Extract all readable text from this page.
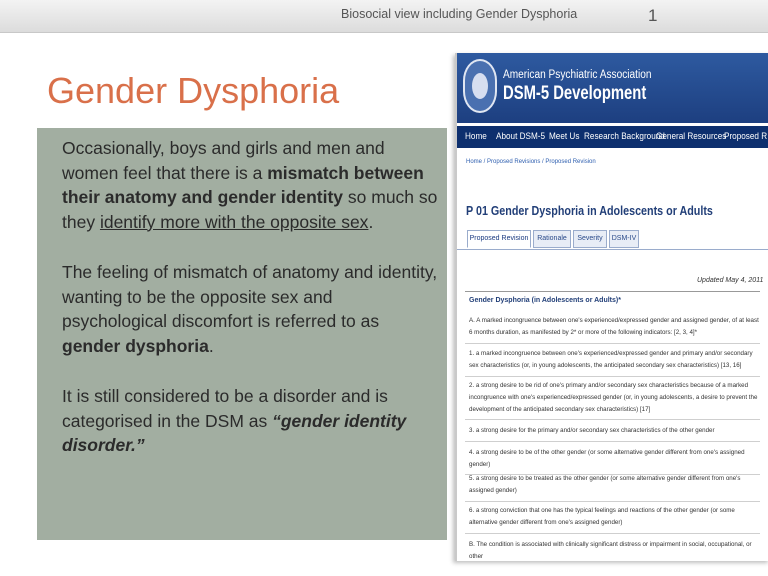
Biosocial view including Gender Dysphoria	1
Gender Dysphoria

Occasionally, boys and girls and men and women feel that there is a mismatch between their anatomy and gender identity so much so they identify more with the opposite sex.

The feeling of mismatch of anatomy and identity, wanting to be the opposite sex and psychological discomfort is referred to as gender dysphoria.

It is still considered to be a disorder and is categorised in the DSM as “gender identity disorder.”

American Psychiatric Association
DSM-5 Development
Home About DSM-5 Meet Us Research Background
General Resources
Proposed R
Home / Proposed Revisions / Proposed Revision
P 01 Gender Dysphoria in Adolescents or Adults
Proposed Revision	Rationale	Severity	DSM-IV
Updated May 4, 2011
Gender Dysphoria (in Adolescents or Adults)*
A. A marked incongruence between one's experienced/expressed gender and assigned gender, of at least 6 months duration, as manifested by 2* or more of the following indicators: [2, 3, 4]*
1. a marked incongruence between one's experienced/expressed gender and primary and/or secondary sex characteristics (or, in young adolescents, the anticipated secondary sex characteristics) [13, 16]
2. a strong desire to be rid of one's primary and/or secondary sex characteristics because of a marked incongruence with one's experienced/expressed gender (or, in young adolescents, a desire to prevent the development of the anticipated secondary sex characteristics) [17]
3. a strong desire for the primary and/or secondary sex characteristics of the other gender
4. a strong desire to be of the other gender (or some alternative gender different from one's assigned gender)
5. a strong desire to be treated as the other gender (or some alternative gender different from one's assigned gender)
6. a strong conviction that one has the typical feelings and reactions of the other gender (or some alternative gender different from one's assigned gender)
B. The condition is associated with clinically significant distress or impairment in social, occupational, or other
